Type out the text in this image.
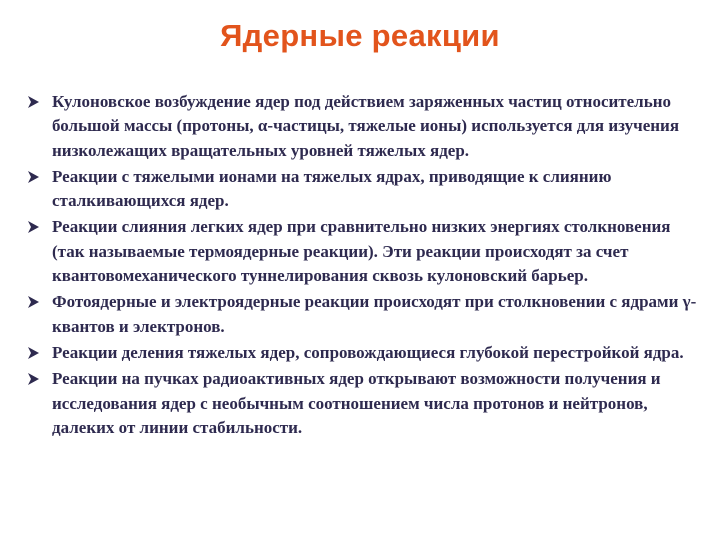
Ядерные реакции
Кулоновское возбуждение ядер под действием заряженных частиц относительно большой массы (протоны, α-частицы, тяжелые ионы) используется для изучения низколежащих вращательных уровней тяжелых ядер.
Реакции с тяжелыми ионами на тяжелых ядрах, приводящие к слиянию сталкивающихся ядер.
Реакции слияния легких ядер при сравнительно низких энергиях столкновения (так называемые термоядерные реакции). Эти реакции происходят за счет квантовомеханического туннелирования сквозь кулоновский барьер.
Фотоядерные и электроядерные реакции происходят при столкновении с ядрами γ-квантов и электронов.
Реакции деления тяжелых ядер, сопровождающиеся глубокой перестройкой ядра.
Реакции на пучках радиоактивных ядер открывают возможности получения и исследования ядер с необычным соотношением числа протонов и нейтронов, далеких от линии стабильности.
